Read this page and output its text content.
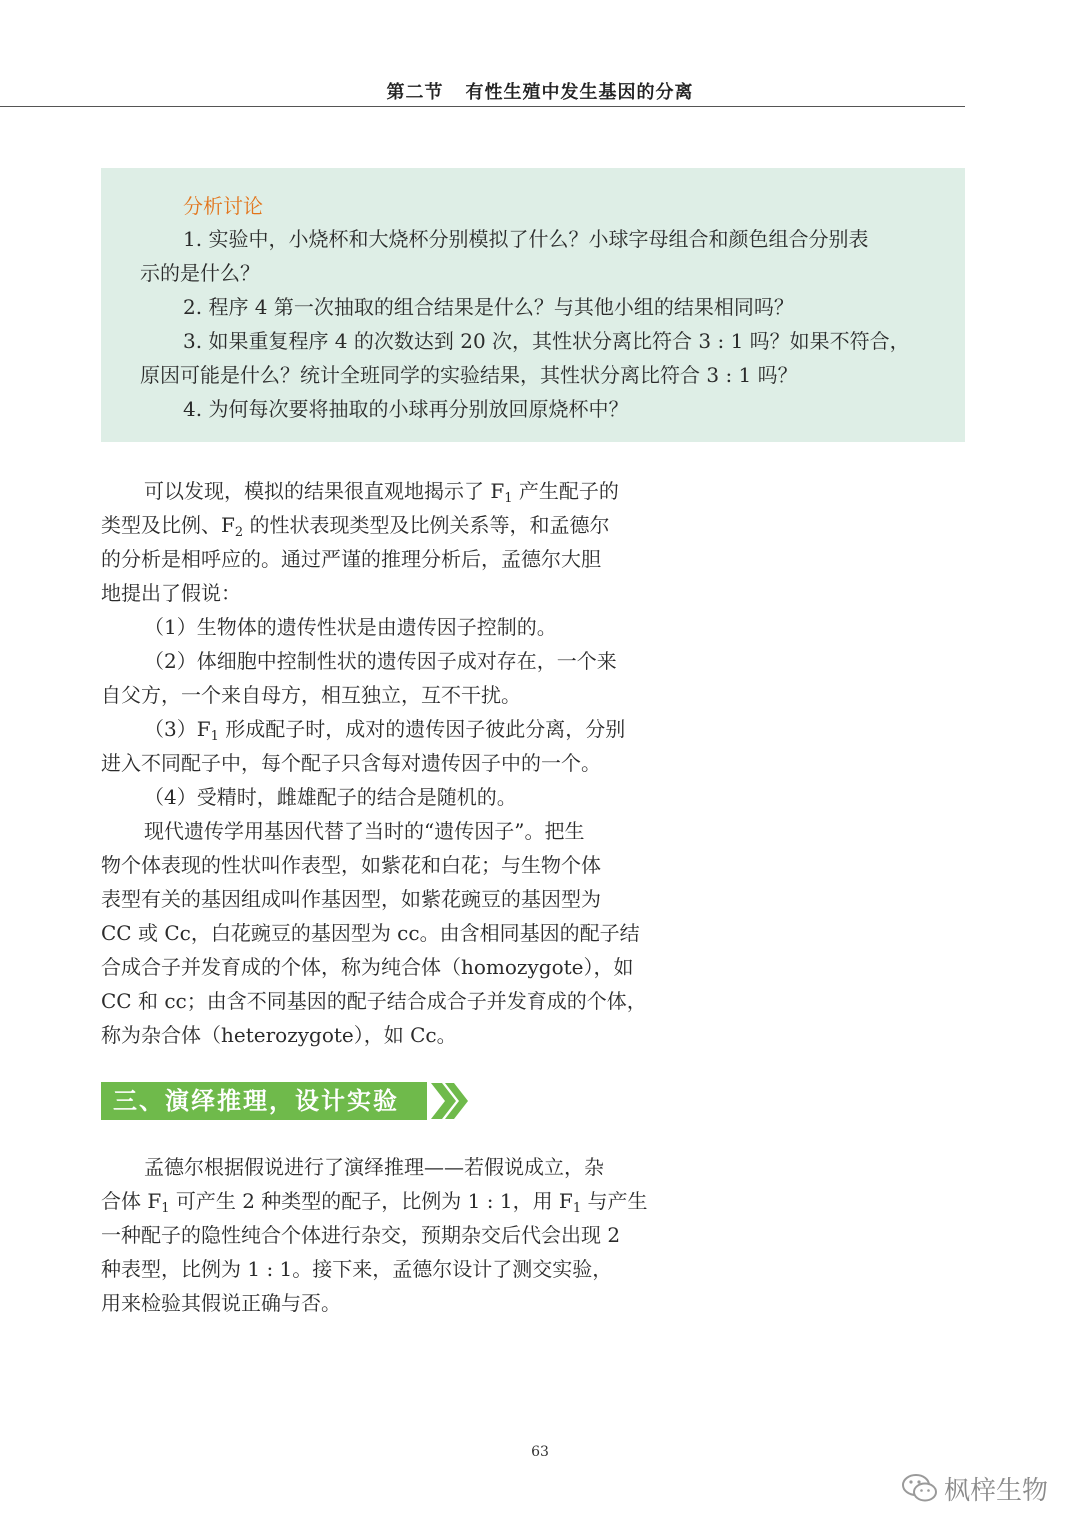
第二节 有性生殖中发生基因的分离
分析讨论
1. 实验中，小烧杯和大烧杯分别模拟了什么？小球字母组合和颜色组合分别表
示的是什么？
2. 程序 4 第一次抽取的组合结果是什么？与其他小组的结果相同吗？
3. 如果重复程序 4 的次数达到 20 次，其性状分离比符合 3 : 1 吗？如果不符合，
原因可能是什么？统计全班同学的实验结果，其性状分离比符合 3 : 1 吗？
4. 为何每次要将抽取的小球再分别放回原烧杯中？
可以发现，模拟的结果很直观地揭示了 $F_1$ 产生配子的
类型及比例、$F_2$ 的性状表现类型及比例关系等，和孟德尔
的分析是相呼应的。通过严谨的推理分析后，孟德尔大胆
地提出了假说：
（1）生物体的遗传性状是由遗传因子控制的。
（2）体细胞中控制性状的遗传因子成对存在，一个来
自父方，一个来自母方，相互独立，互不干扰。
$(3)F_1$ 形成配子时，成对的遗传因子彼此分离，分别
进入不同配子中，每个配子只含每对遗传因子中的一个。
（4）受精时，雌雄配子的结合是随机的。
现代遗传学用基因代替了当时的“遗传因子”。把生
物个体表现的性状叫作表型，如紫花和白花；与生物个体
表型有关的基因组成叫作基因型，如紫花豌豆的基因型为
CC 或 Cc，白花豌豆的基因型为 cc。由含相同基因的配子结
合成合子并发育成的个体，称为纯合体（homozygote），如
CC 和 cc；由含不同基因的配子结合成合子并发育成的个体，
称为杂合体（heterozygote），如 Cc。
三、演绎推理，设计实验
孟德尔根据假说进行了演绎推理——若假说成立，杂
合体 $F_1$ 可产生 2 种类型的配子，比例为 1 : 1，用 $F_1$ 与产生
一种配子的隐性纯合个体进行杂交，预期杂交后代会出现 2
种表型，比例为 1 : 1。接下来，孟德尔设计了测交实验，
用来检验其假说正确与否。
63
枫梓生物
